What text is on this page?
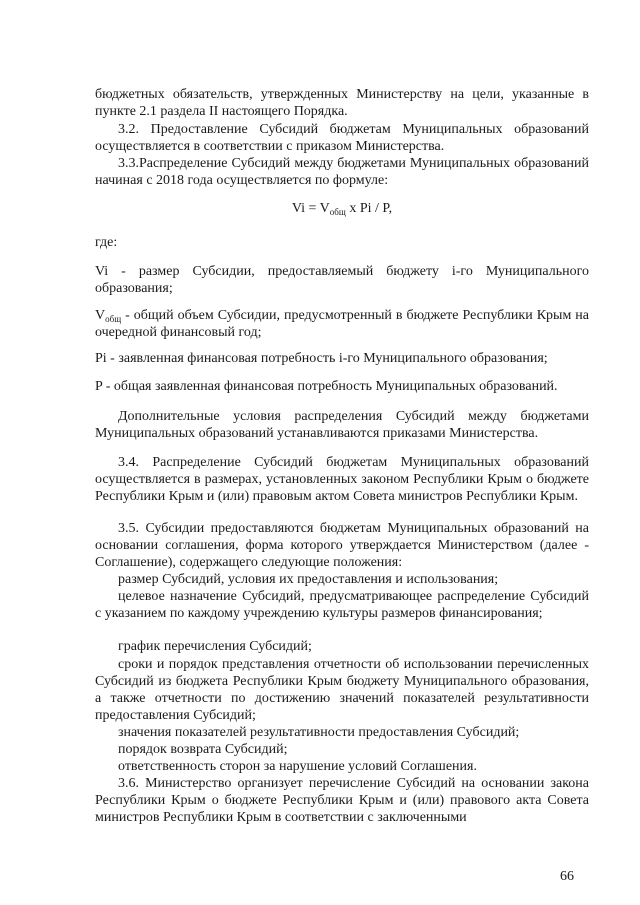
бюджетных обязательств, утвержденных Министерству на цели, указанные в

пункте 2.1 раздела II настоящего Порядка.

3.2. Предоставление Субсидий бюджетам Муниципальных образований осуществляется в соответствии с приказом Министерства.

3.3.Распределение Субсидий между бюджетами Муниципальных образований начиная с 2018 года осуществляется по формуле:

$Vi = V_{общ}$ x Pi / P,

где:

Vi - размер Субсидии, предоставляемый бюджету i-го Муниципального образования;

$V_{общ}$ - общий объем Субсидии, предусмотренный в бюджете Республики Крым на очередной финансовый год;

Pi - заявленная финансовая потребность i-го Муниципального образования;

P - общая заявленная финансовая потребность Муниципальных образований.

Дополнительные условия распределения Субсидий между бюджетами Муниципальных образований устанавливаются приказами Министерства.

3.4. Распределение Субсидий бюджетам Муниципальных образований осуществляется в размерах, установленных законом Республики Крым о бюджете Республики Крым и (или) правовым актом Совета министров Республики Крым.

3.5. Субсидии предоставляются бюджетам Муниципальных образований на основании соглашения, форма которого утверждается Министерством (далее - Соглашение), содержащего следующие положения:

размер Субсидий, условия их предоставления и использования;

целевое назначение Субсидий, предусматривающее распределение Субсидий с указанием по каждому учреждению культуры размеров финансирования;

график перечисления Субсидий;

сроки и порядок представления отчетности об использовании перечисленных Субсидий из бюджета Республики Крым бюджету Муниципального образования, а также отчетности по достижению значений показателей результативности предоставления Субсидий;

значения показателей результативности предоставления Субсидий;

порядок возврата Субсидий;

ответственность сторон за нарушение условий Соглашения.

3.6. Министерство организует перечисление Субсидий на основании закона Республики Крым о бюджете Республики Крым и (или) правового акта Совета министров Республики Крым в соответствии с заключенными

66
